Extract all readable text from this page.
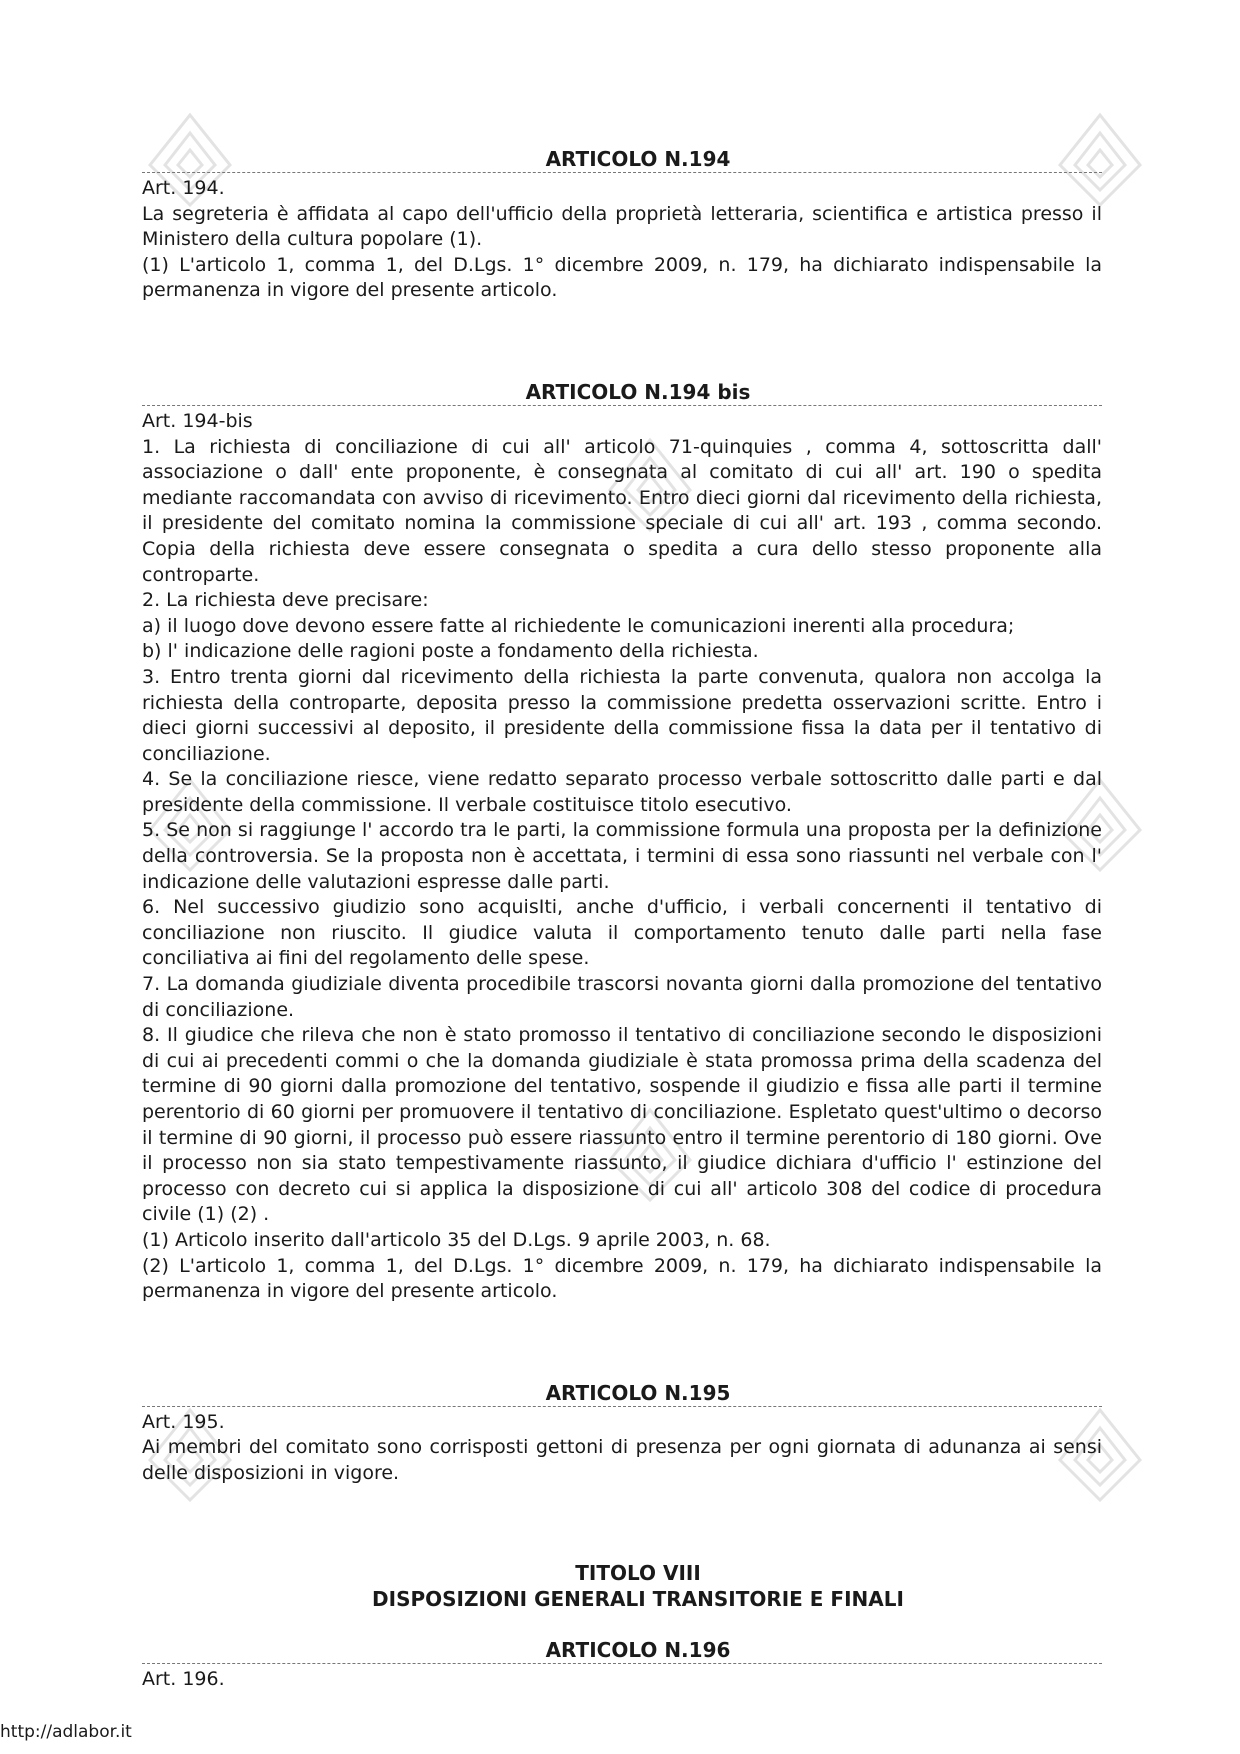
ARTICOLO N.194

Art. 194.

La segreteria è affidata al capo dell'ufficio della proprietà letteraria, scientifica e artistica presso il Ministero della cultura popolare (1).

(1) L'articolo 1, comma 1, del D.Lgs. 1° dicembre 2009, n. 179, ha dichiarato indispensabile la permanenza in vigore del presente articolo.

ARTICOLO N.194 bis

Art. 194-bis

1. La richiesta di conciliazione di cui all' articolo 71-quinquies , comma 4, sottoscritta dall' associazione o dall' ente proponente, è consegnata al comitato di cui all' art. 190 o spedita mediante raccomandata con avviso di ricevimento. Entro dieci giorni dal ricevimento della richiesta, il presidente del comitato nomina la commissione speciale di cui all' art. 193 , comma secondo. Copia della richiesta deve essere consegnata o spedita a cura dello stesso proponente alla controparte.

2. La richiesta deve precisare:

a) il luogo dove devono essere fatte al richiedente le comunicazioni inerenti alla procedura;

b) l' indicazione delle ragioni poste a fondamento della richiesta.

3. Entro trenta giorni dal ricevimento della richiesta la parte convenuta, qualora non accolga la richiesta della controparte, deposita presso la commissione predetta osservazioni scritte. Entro i dieci giorni successivi al deposito, il presidente della commissione fissa la data per il tentativo di conciliazione.

4. Se la conciliazione riesce, viene redatto separato processo verbale sottoscritto dalle parti e dal presidente della commissione. Il verbale costituisce titolo esecutivo.

5. Se non si raggiunge l' accordo tra le parti, la commissione formula una proposta per la definizione della controversia. Se la proposta non è accettata, i termini di essa sono riassunti nel verbale con l' indicazione delle valutazioni espresse dalle parti.

6. Nel successivo giudizio sono acquisIti, anche d'ufficio, i verbali concernenti il tentativo di conciliazione non riuscito. Il giudice valuta il comportamento tenuto dalle parti nella fase conciliativa ai fini del regolamento delle spese.

7. La domanda giudiziale diventa procedibile trascorsi novanta giorni dalla promozione del tentativo di conciliazione.

8. Il giudice che rileva che non è stato promosso il tentativo di conciliazione secondo le disposizioni di cui ai precedenti commi o che la domanda giudiziale è stata promossa prima della scadenza del termine di 90 giorni dalla promozione del tentativo, sospende il giudizio e fissa alle parti il termine perentorio di 60 giorni per promuovere il tentativo di conciliazione. Espletato quest'ultimo o decorso il termine di 90 giorni, il processo può essere riassunto entro il termine perentorio di 180 giorni. Ove il processo non sia stato tempestivamente riassunto, il giudice dichiara d'ufficio l' estinzione del processo con decreto cui si applica la disposizione di cui all' articolo 308 del codice di procedura civile (1) (2) .

(1) Articolo inserito dall'articolo 35 del D.Lgs. 9 aprile 2003, n. 68.

(2) L'articolo 1, comma 1, del D.Lgs. 1° dicembre 2009, n. 179, ha dichiarato indispensabile la permanenza in vigore del presente articolo.

ARTICOLO N.195

Art. 195.

Ai membri del comitato sono corrisposti gettoni di presenza per ogni giornata di adunanza ai sensi delle disposizioni in vigore.

TITOLO VIII
DISPOSIZIONI GENERALI TRANSITORIE E FINALI
ARTICOLO N.196

Art. 196.

http://adlabor.it
